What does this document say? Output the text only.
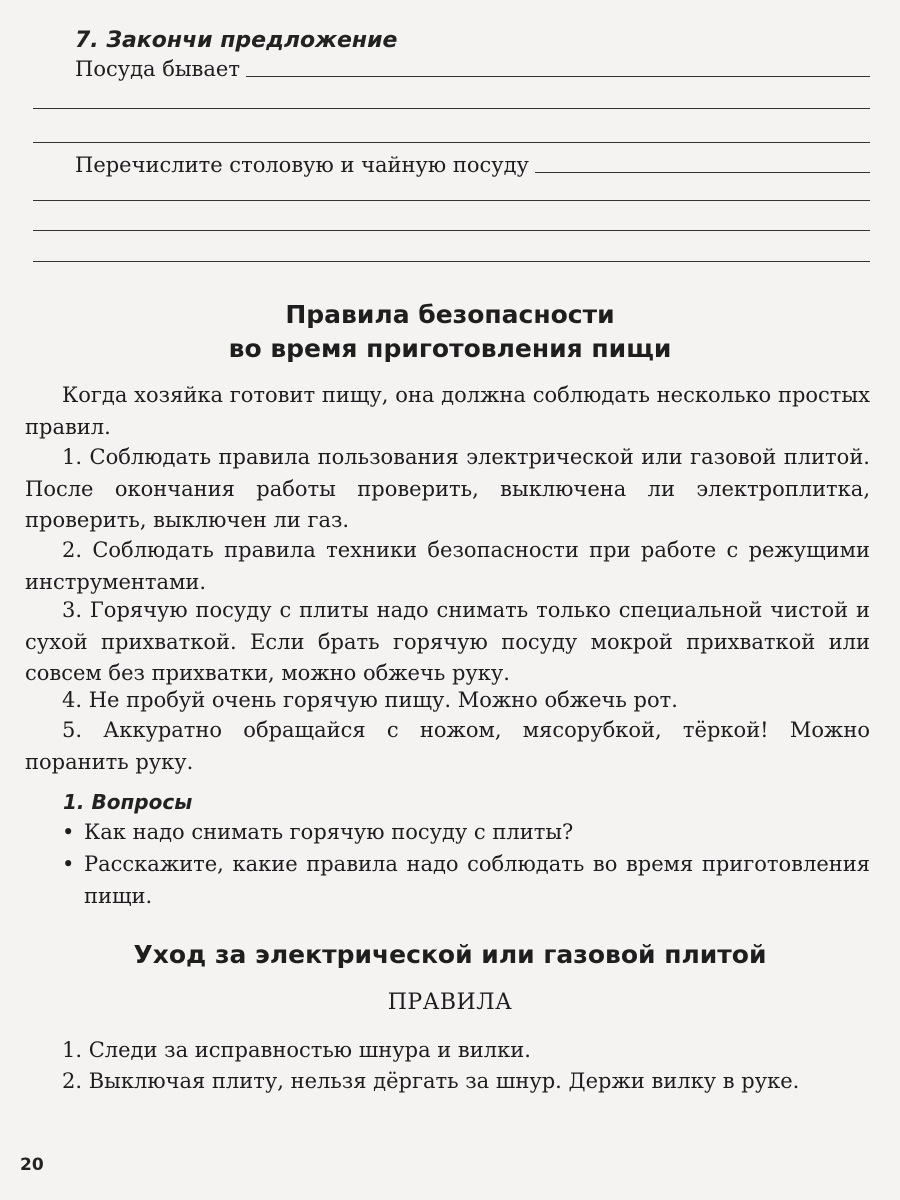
7. Закончи предложение
Посуда бывает
Перечислите столовую и чайную посуду
Правила безопасности
во время приготовления пищи

Когда хозяйка готовит пищу, она должна соблюдать несколько простых правил.

1. Соблюдать правила пользования электрической или газовой плитой. После окончания работы проверить, выключена ли электроплитка, проверить, выключен ли газ.

2. Соблюдать правила техники безопасности при работе с режущими инструментами.

3. Горячую посуду с плиты надо снимать только специальной чистой и сухой прихваткой. Если брать горячую посуду мокрой прихваткой или совсем без прихватки, можно обжечь руку.

4. Не пробуй очень горячую пищу. Можно обжечь рот.

5. Аккуратно обращайся с ножом, мясорубкой, тёркой! Можно поранить руку.

1. Вопросы
• Как надо снимать горячую посуду с плиты?
• Расскажите, какие правила надо соблюдать во время приготовления пищи.
Уход за электрической или газовой плитой
ПРАВИЛА

1. Следи за исправностью шнура и вилки.

2. Выключая плиту, нельзя дёргать за шнур. Держи вилку в руке.

20
